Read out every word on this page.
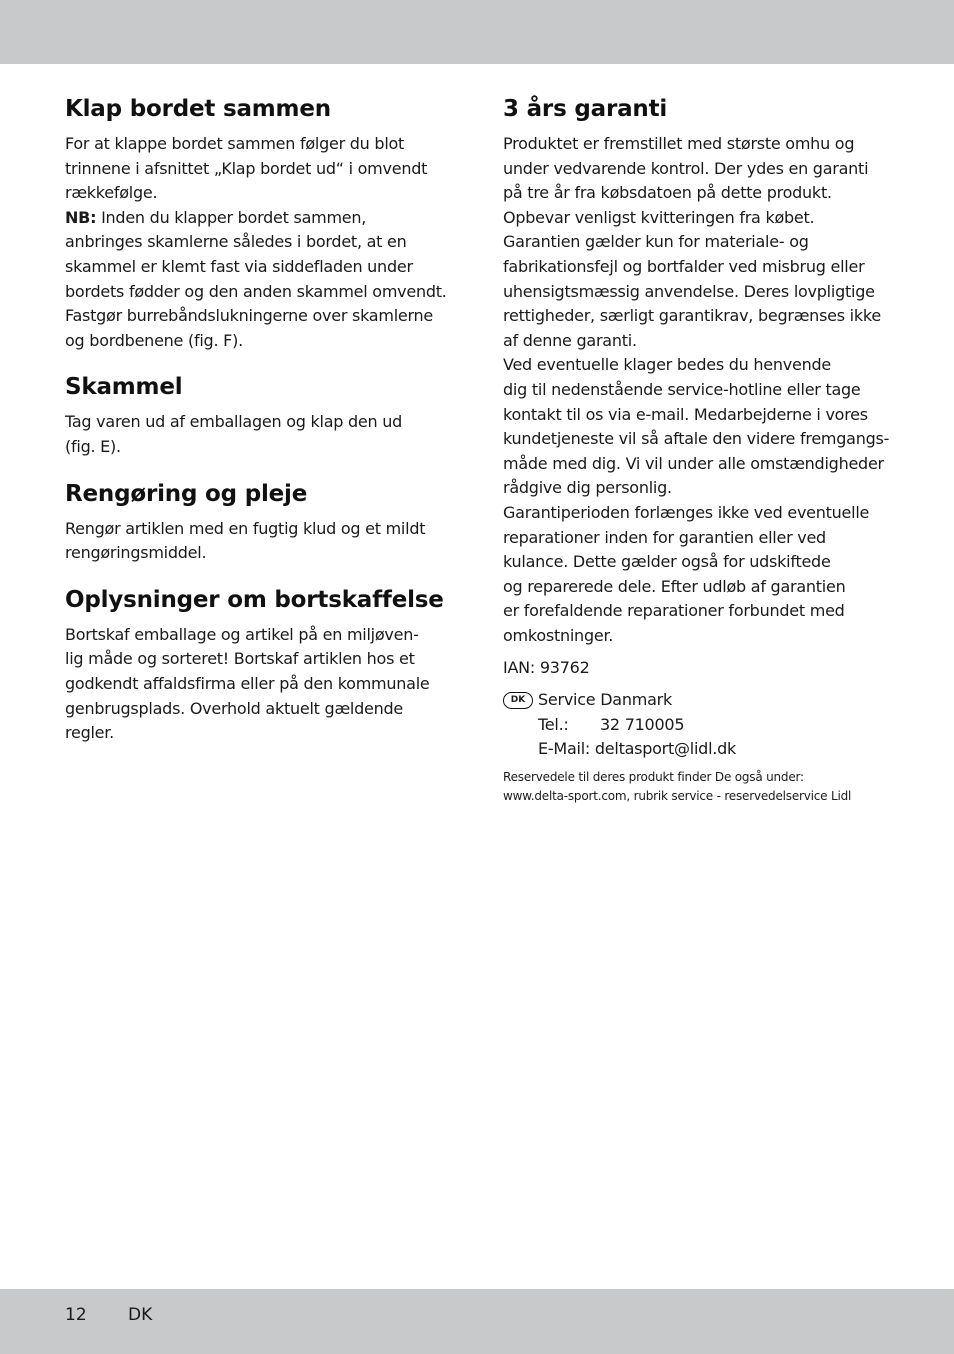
Klap bordet sammen

For at klappe bordet sammen følger du blot
trinnene i afsnittet „Klap bordet ud“ i omvendt
rækkefølge.
NB: Inden du klapper bordet sammen,
anbringes skamlerne således i bordet, at en
skammel er klemt fast via siddefladen under
bordets fødder og den anden skammel omvendt.
Fastgør burrebåndslukningerne over skamlerne
og bordbenene (fig. F).

Skammel

Tag varen ud af emballagen og klap den ud
(fig. E).

Rengøring og pleje

Rengør artiklen med en fugtig klud og et mildt
rengøringsmiddel.

Oplysninger om bortskaffelse

Bortskaf emballage og artikel på en miljøven-
lig måde og sorteret! Bortskaf artiklen hos et
godkendt affaldsfirma eller på den kommunale
genbrugsplads. Overhold aktuelt gældende
regler.

3 års garanti

Produktet er fremstillet med største omhu og
under vedvarende kontrol. Der ydes en garanti
på tre år fra købsdatoen på dette produkt.
Opbevar venligst kvitteringen fra købet.
Garantien gælder kun for materiale- og
fabrikationsfejl og bortfalder ved misbrug eller
uhensigtsmæssig anvendelse. Deres lovpligtige
rettigheder, særligt garantikrav, begrænses ikke
af denne garanti.
Ved eventuelle klager bedes du henvende
dig til nedenstående service-hotline eller tage
kontakt til os via e-mail. Medarbejderne i vores
kundetjeneste vil så aftale den videre fremgangs-
måde med dig. Vi vil under alle omstændigheder
rådgive dig personlig.
Garantiperioden forlænges ikke ved eventuelle
reparationer inden for garantien eller ved
kulance. Dette gælder også for udskiftede
og reparerede dele. Efter udløb af garantien
er forefaldende reparationer forbundet med
omkostninger.

IAN: 93762
DK Service Danmark
Tel.: 32 710005
E-Mail: deltasport@lidl.dk
Reservedele til deres produkt finder De også under:
www.delta-sport.com, rubrik service - reservedelservice Lidl
12 DK
